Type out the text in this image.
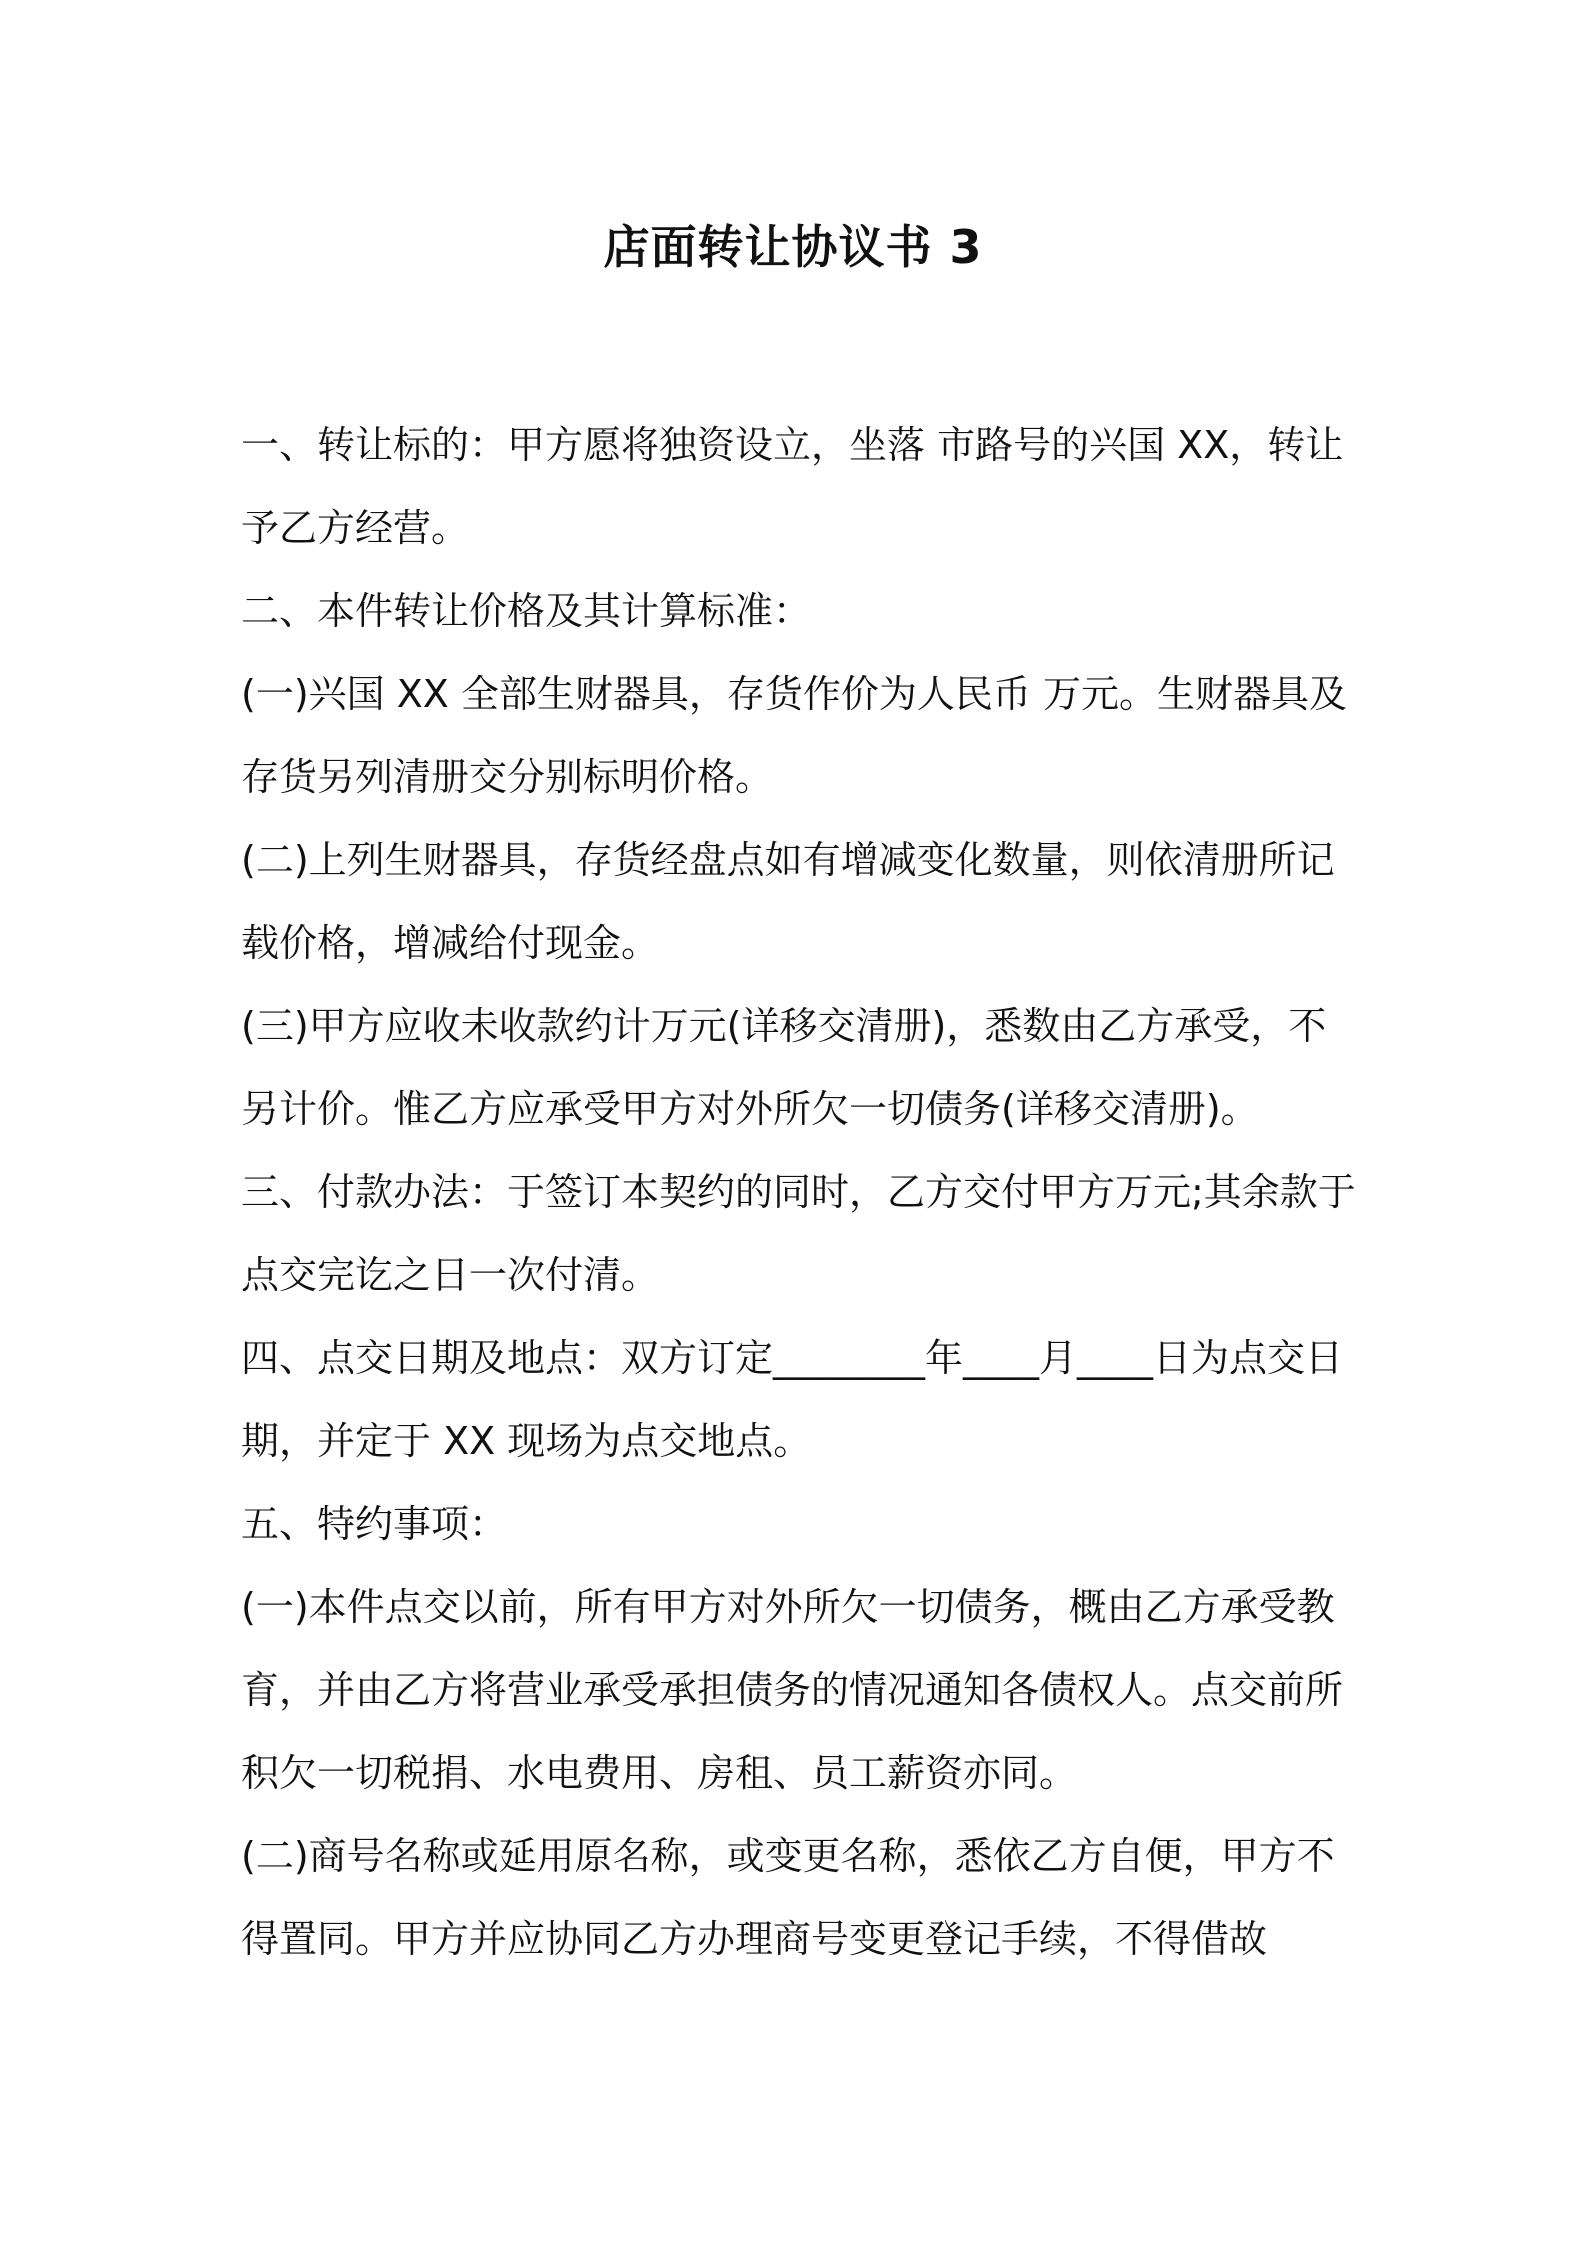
店面转让协议书 3

一、转让标的：甲方愿将独资设立，坐落 市路号的兴国 XX，转让予乙方经营。

二、本件转让价格及其计算标准：

(一)兴国 XX 全部生财器具，存货作价为人民币 万元。生财器具及存货另列清册交分别标明价格。

(二)上列生财器具，存货经盘点如有增减变化数量，则依清册所记载价格，增减给付现金。

(三)甲方应收未收款约计万元(详移交清册)，悉数由乙方承受，不另计价。惟乙方应承受甲方对外所欠一切债务(详移交清册)。

三、付款办法：于签订本契约的同时，乙方交付甲方万元;其余款于点交完讫之日一次付清。

四、点交日期及地点：双方订定________年____月____日为点交日期，并定于 XX 现场为点交地点。

五、特约事项：

(一)本件点交以前，所有甲方对外所欠一切债务，概由乙方承受教育，并由乙方将营业承受承担债务的情况通知各债权人。点交前所积欠一切税捐、水电费用、房租、员工薪资亦同。

(二)商号名称或延用原名称，或变更名称，悉依乙方自便，甲方不得置同。甲方并应协同乙方办理商号变更登记手续，不得借故
